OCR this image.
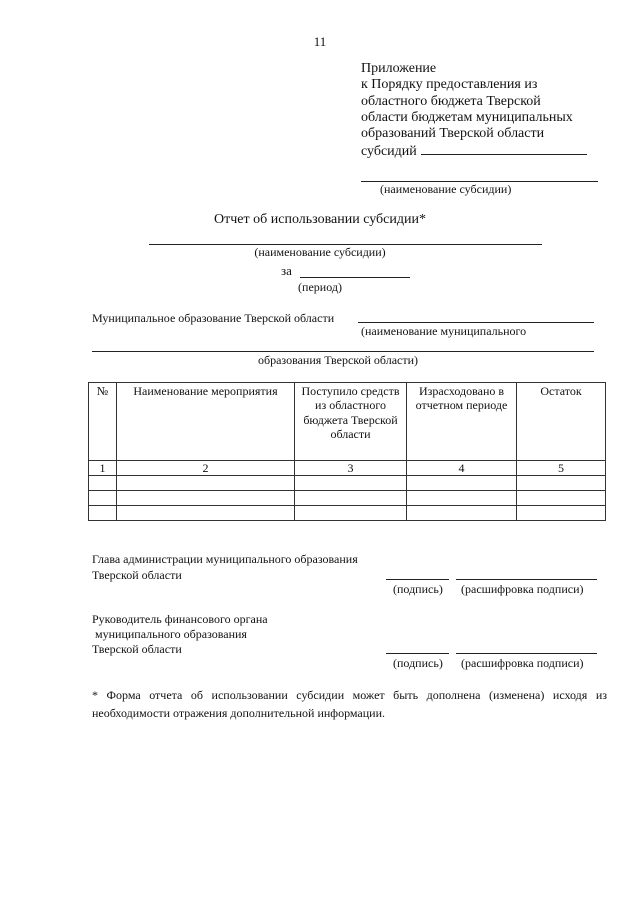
11
Приложение
к Порядку предоставления из
областного бюджета Тверской
области бюджетам муниципальных
образований Тверской области
субсидий
(наименование субсидии)
Отчет об использовании субсидии*
(наименование субсидии)
за
(период)
Муниципальное образование Тверской области
(наименование муниципального
образования Тверской области)
№	Наименование мероприятия	Поступило средств из областного бюджета Тверской области	Израсходовано в отчетном периоде	Остаток
1	2	3	4	5

Глава администрации муниципального образования
Тверской области
(подпись) (расшифровка подписи)
Руководитель финансового органа
муниципального образования
Тверской области
(подпись) (расшифровка подписи)
* Форма отчета об использовании субсидии может быть дополнена (изменена) исходя из необходимости отражения дополнительной информации.
